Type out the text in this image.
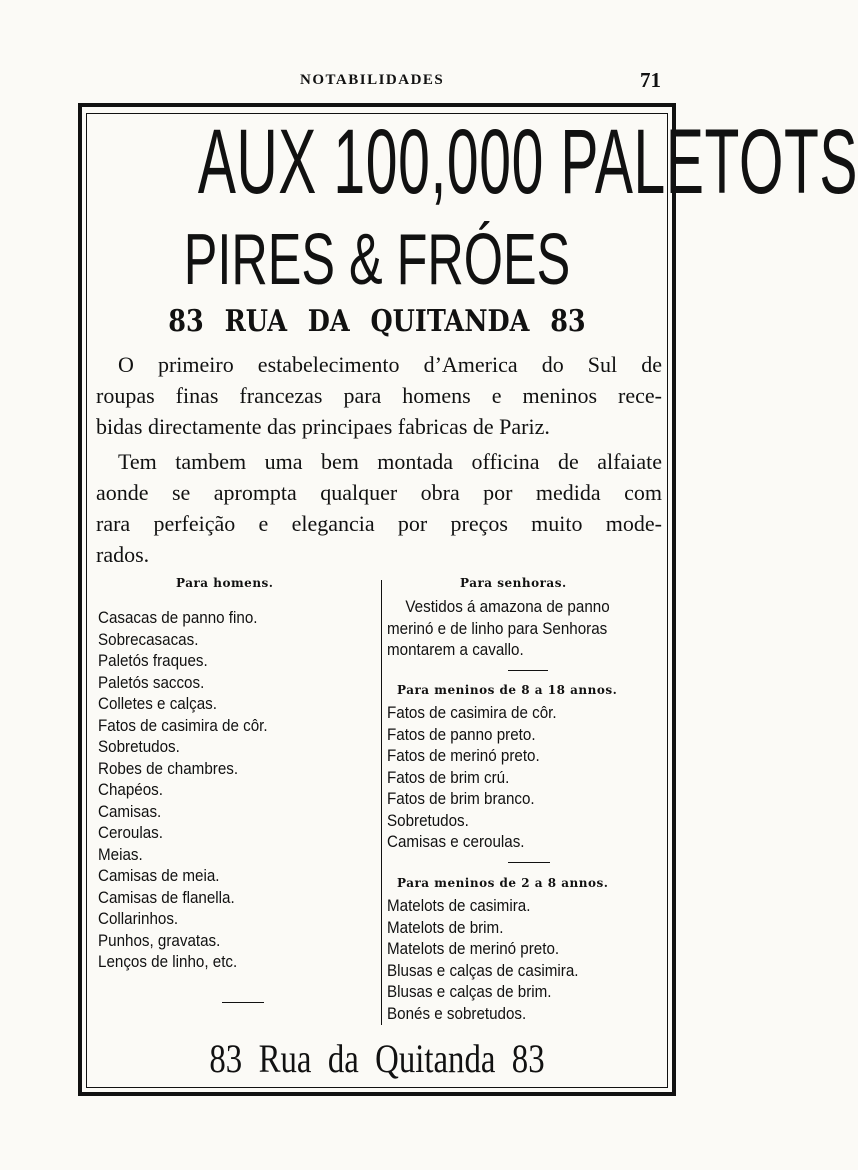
NOTABILIDADES	71
AUX 100,000 PALETOTS
PIRES & FRÓES
83 RUA DA QUITANDA 83
O primeiro estabelecimento d’America do Sul de
roupas finas francezas para homens e meninos rece-
bidas directamente das principaes fabricas de Pariz.
Tem tambem uma bem montada officina de alfaiate
aonde se apromptа qualquer obra por medida com
rara perfeição e elegancia por preços muito mode-
rados.
Para homens.
Casacas de panno fino.
Sobrecasacas.
Paletós fraques.
Paletós saccos.
Colletes e calças.
Fatos de casimira de côr.
Sobretudos.
Robes de chambres.
Chapéos.
Camisas.
Ceroulas.
Meias.
Camisas de meia.
Camisas de flanella.
Collarinhos.
Punhos, gravatas.
Lenços de linho, etc.
Para senhoras.
Vestidos á amazona de panno
merinó e de linho para Senhoras
montarem a cavallo.
Para meninos de 8 a 18 annos.
Fatos de casimira de côr.
Fatos de panno preto.
Fatos de merinó preto.
Fatos de brim crú.
Fatos de brim branco.
Sobretudos.
Camisas e ceroulas.
Para meninos de 2 a 8 annos.
Matelots de casimira.
Matelots de brim.
Matelots de merinó preto.
Blusas e calças de casimira.
Blusas e calças de brim.
Bonés e sobretudos.
83 Rua da Quitanda 83
